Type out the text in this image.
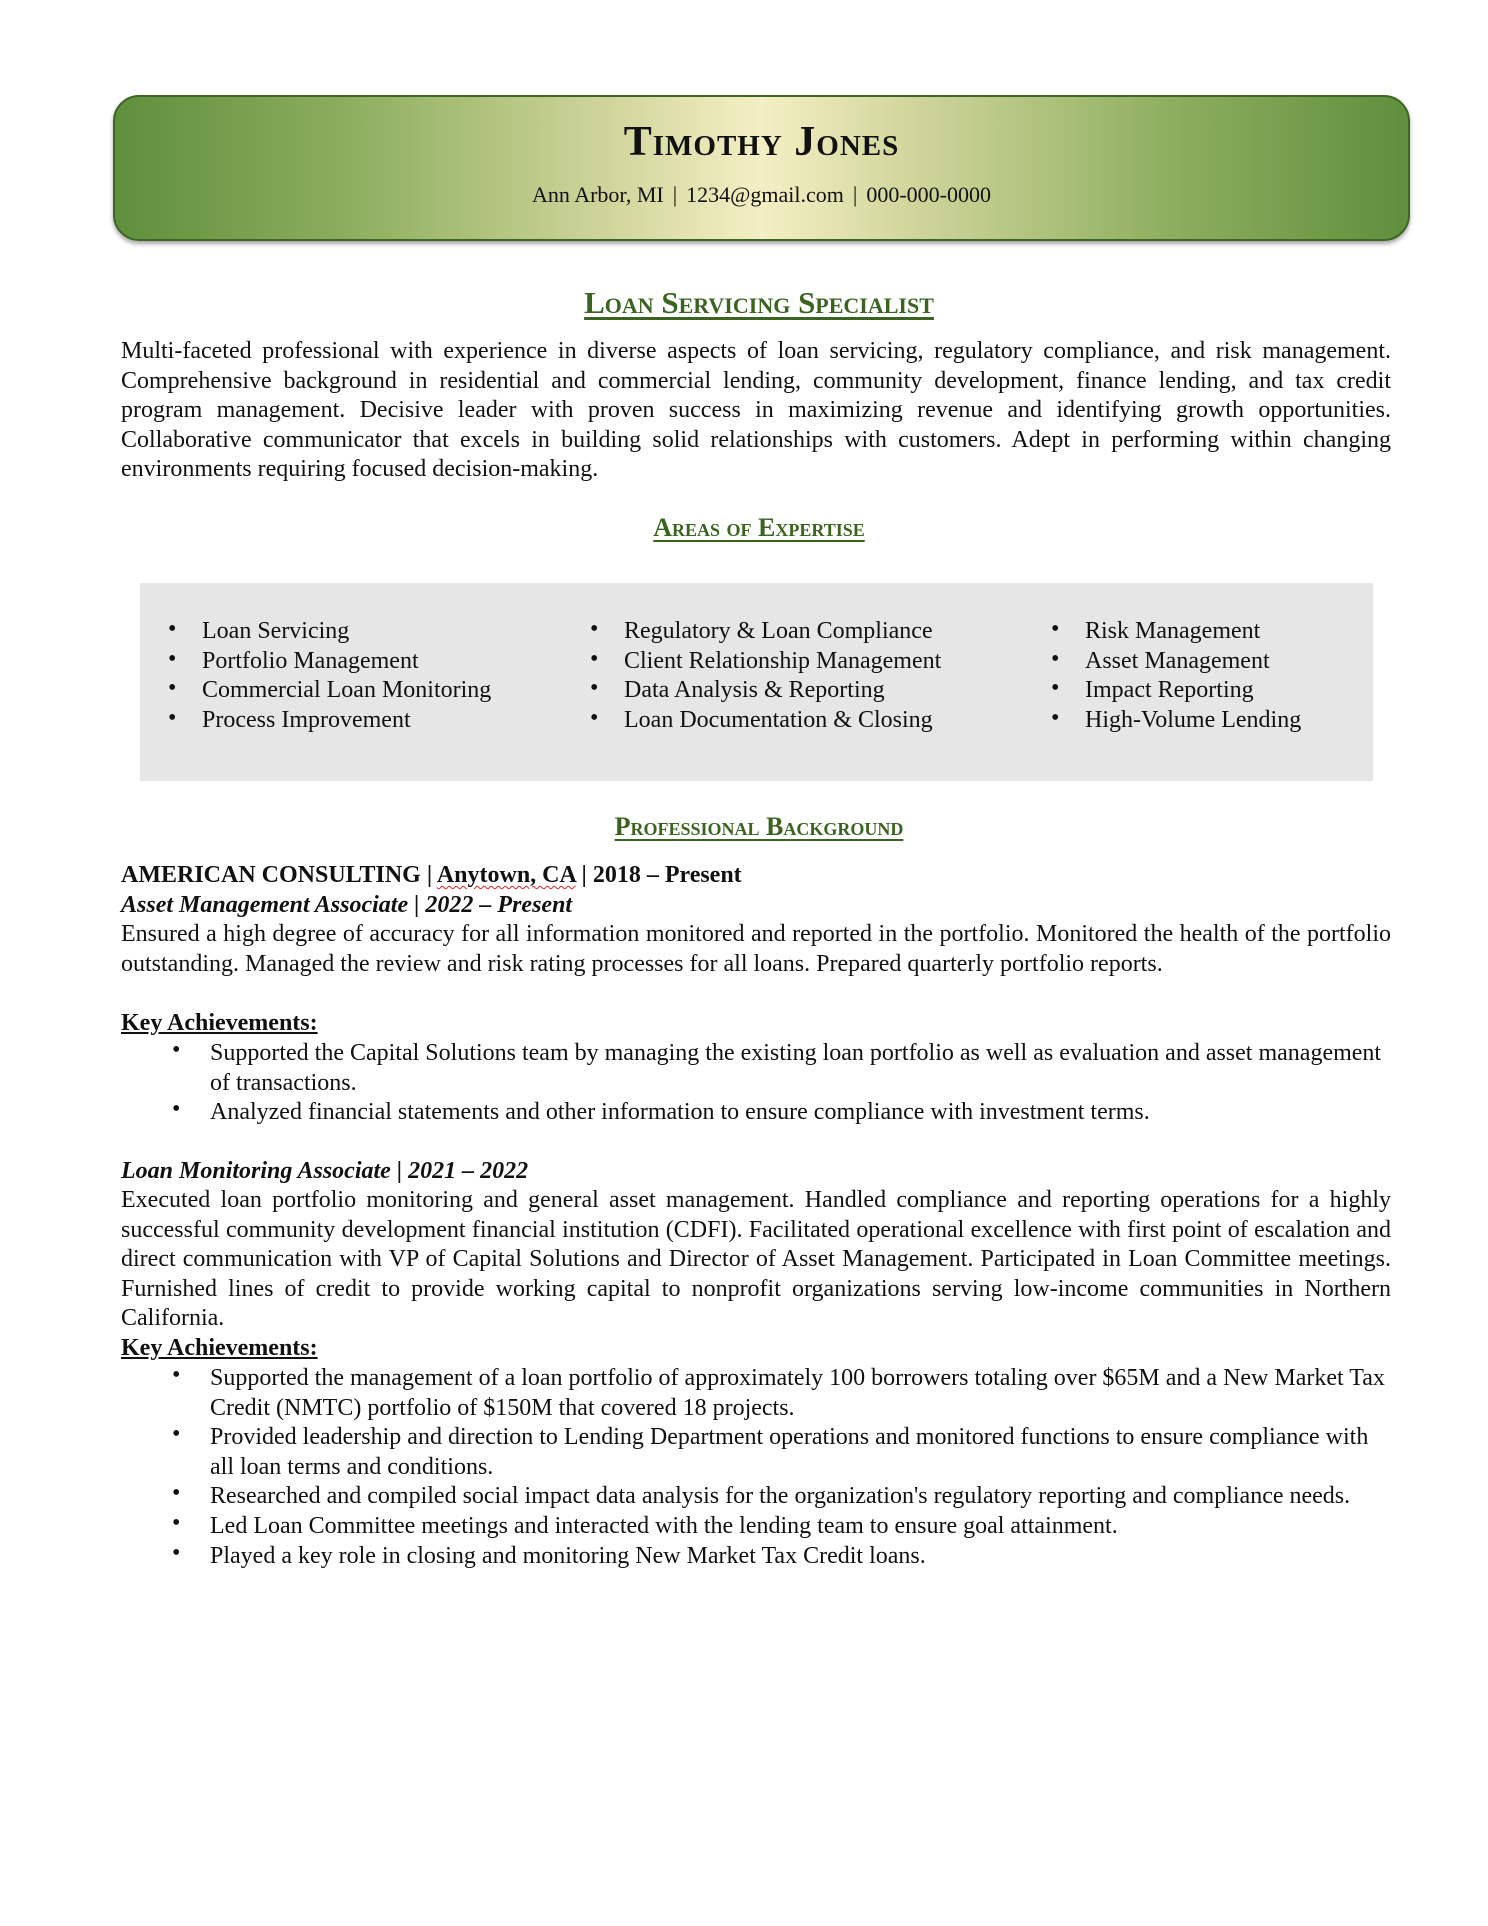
Timothy Jones
Ann Arbor, MI | 1234@gmail.com | 000-000-0000
Loan Servicing Specialist

Multi-faceted professional with experience in diverse aspects of loan servicing, regulatory compliance, and risk management. Comprehensive background in residential and commercial lending, community development, finance lending, and tax credit program management. Decisive leader with proven success in maximizing revenue and identifying growth opportunities. Collaborative communicator that excels in building solid relationships with customers. Adept in performing within changing environments requiring focused decision-making.

Areas of Expertise
• Loan Servicing
• Portfolio Management
• Commercial Loan Monitoring
• Process Improvement
• Regulatory & Loan Compliance
• Client Relationship Management
• Data Analysis & Reporting
• Loan Documentation & Closing
• Risk Management
• Asset Management
• Impact Reporting
• High-Volume Lending
Professional Background
AMERICAN CONSULTING | Anytown, CA | 2018 – Present
Asset Management Associate | 2022 – Present

Ensured a high degree of accuracy for all information monitored and reported in the portfolio. Monitored the health of the portfolio outstanding. Managed the review and risk rating processes for all loans. Prepared quarterly portfolio reports.

Key Achievements:
• Supported the Capital Solutions team by managing the existing loan portfolio as well as evaluation and asset management of transactions.
• Analyzed financial statements and other information to ensure compliance with investment terms.
Loan Monitoring Associate | 2021 – 2022

Executed loan portfolio monitoring and general asset management. Handled compliance and reporting operations for a highly successful community development financial institution (CDFI). Facilitated operational excellence with first point of escalation and direct communication with VP of Capital Solutions and Director of Asset Management. Participated in Loan Committee meetings. Furnished lines of credit to provide working capital to nonprofit organizations serving low-income communities in Northern California.

Key Achievements:
• Supported the management of a loan portfolio of approximately 100 borrowers totaling over $65M and a New Market Tax Credit (NMTC) portfolio of $150M that covered 18 projects.
• Provided leadership and direction to Lending Department operations and monitored functions to ensure compliance with all loan terms and conditions.
• Researched and compiled social impact data analysis for the organization's regulatory reporting and compliance needs.
• Led Loan Committee meetings and interacted with the lending team to ensure goal attainment.
• Played a key role in closing and monitoring New Market Tax Credit loans.
